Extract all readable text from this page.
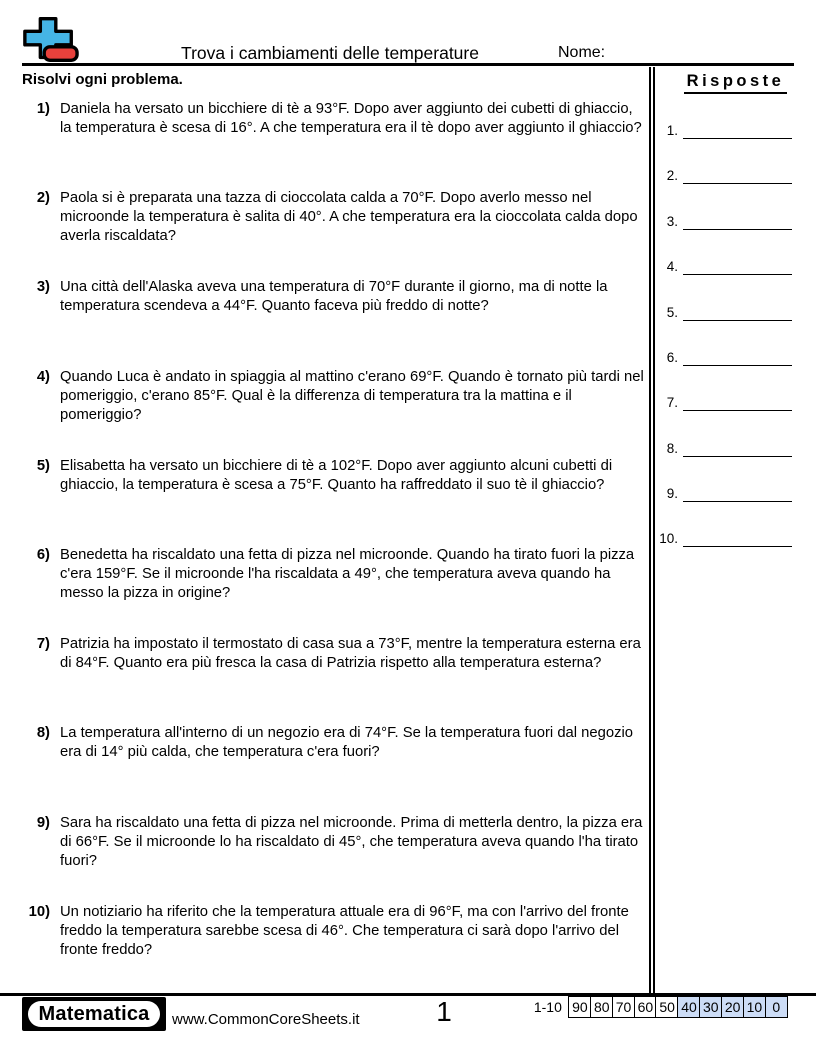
Trova i cambiamenti delle temperature	Nome:
Risolvi ogni problema.
1) Daniela ha versato un bicchiere di tè a 93°F. Dopo aver aggiunto dei cubetti di ghiaccio, la temperatura è scesa di 16°. A che temperatura era il tè dopo aver aggiunto il ghiaccio?
2) Paola si è preparata una tazza di cioccolata calda a 70°F. Dopo averlo messo nel microonde la temperatura è salita di 40°. A che temperatura era la cioccolata calda dopo averla riscaldata?
3) Una città dell'Alaska aveva una temperatura di 70°F durante il giorno, ma di notte la temperatura scendeva a 44°F. Quanto faceva più freddo di notte?
4) Quando Luca è andato in spiaggia al mattino c'erano 69°F. Quando è tornato più tardi nel pomeriggio, c'erano 85°F. Qual è la differenza di temperatura tra la mattina e il pomeriggio?
5) Elisabetta ha versato un bicchiere di tè a 102°F. Dopo aver aggiunto alcuni cubetti di ghiaccio, la temperatura è scesa a 75°F. Quanto ha raffreddato il suo tè il ghiaccio?
6) Benedetta ha riscaldato una fetta di pizza nel microonde. Quando ha tirato fuori la pizza c'era 159°F. Se il microonde l'ha riscaldata a 49°, che temperatura aveva quando ha messo la pizza in origine?
7) Patrizia ha impostato il termostato di casa sua a 73°F, mentre la temperatura esterna era di 84°F. Quanto era più fresca la casa di Patrizia rispetto alla temperatura esterna?
8) La temperatura all'interno di un negozio era di 74°F. Se la temperatura fuori dal negozio era di 14° più calda, che temperatura c'era fuori?
9) Sara ha riscaldato una fetta di pizza nel microonde. Prima di metterla dentro, la pizza era di 66°F. Se il microonde lo ha riscaldato di 45°, che temperatura aveva quando l'ha tirato fuori?
10) Un notiziario ha riferito che la temperatura attuale era di 96°F, ma con l'arrivo del fronte freddo la temperatura sarebbe scesa di 46°. Che temperatura ci sarà dopo l'arrivo del fronte freddo?
Risposte
1.
2.
3.
4.
5.
6.
7.
8.
9.
10.
Matematica	www.CommonCoreSheets.it	1	1-10 90 80 70 60 50 40 30 20 10 0
